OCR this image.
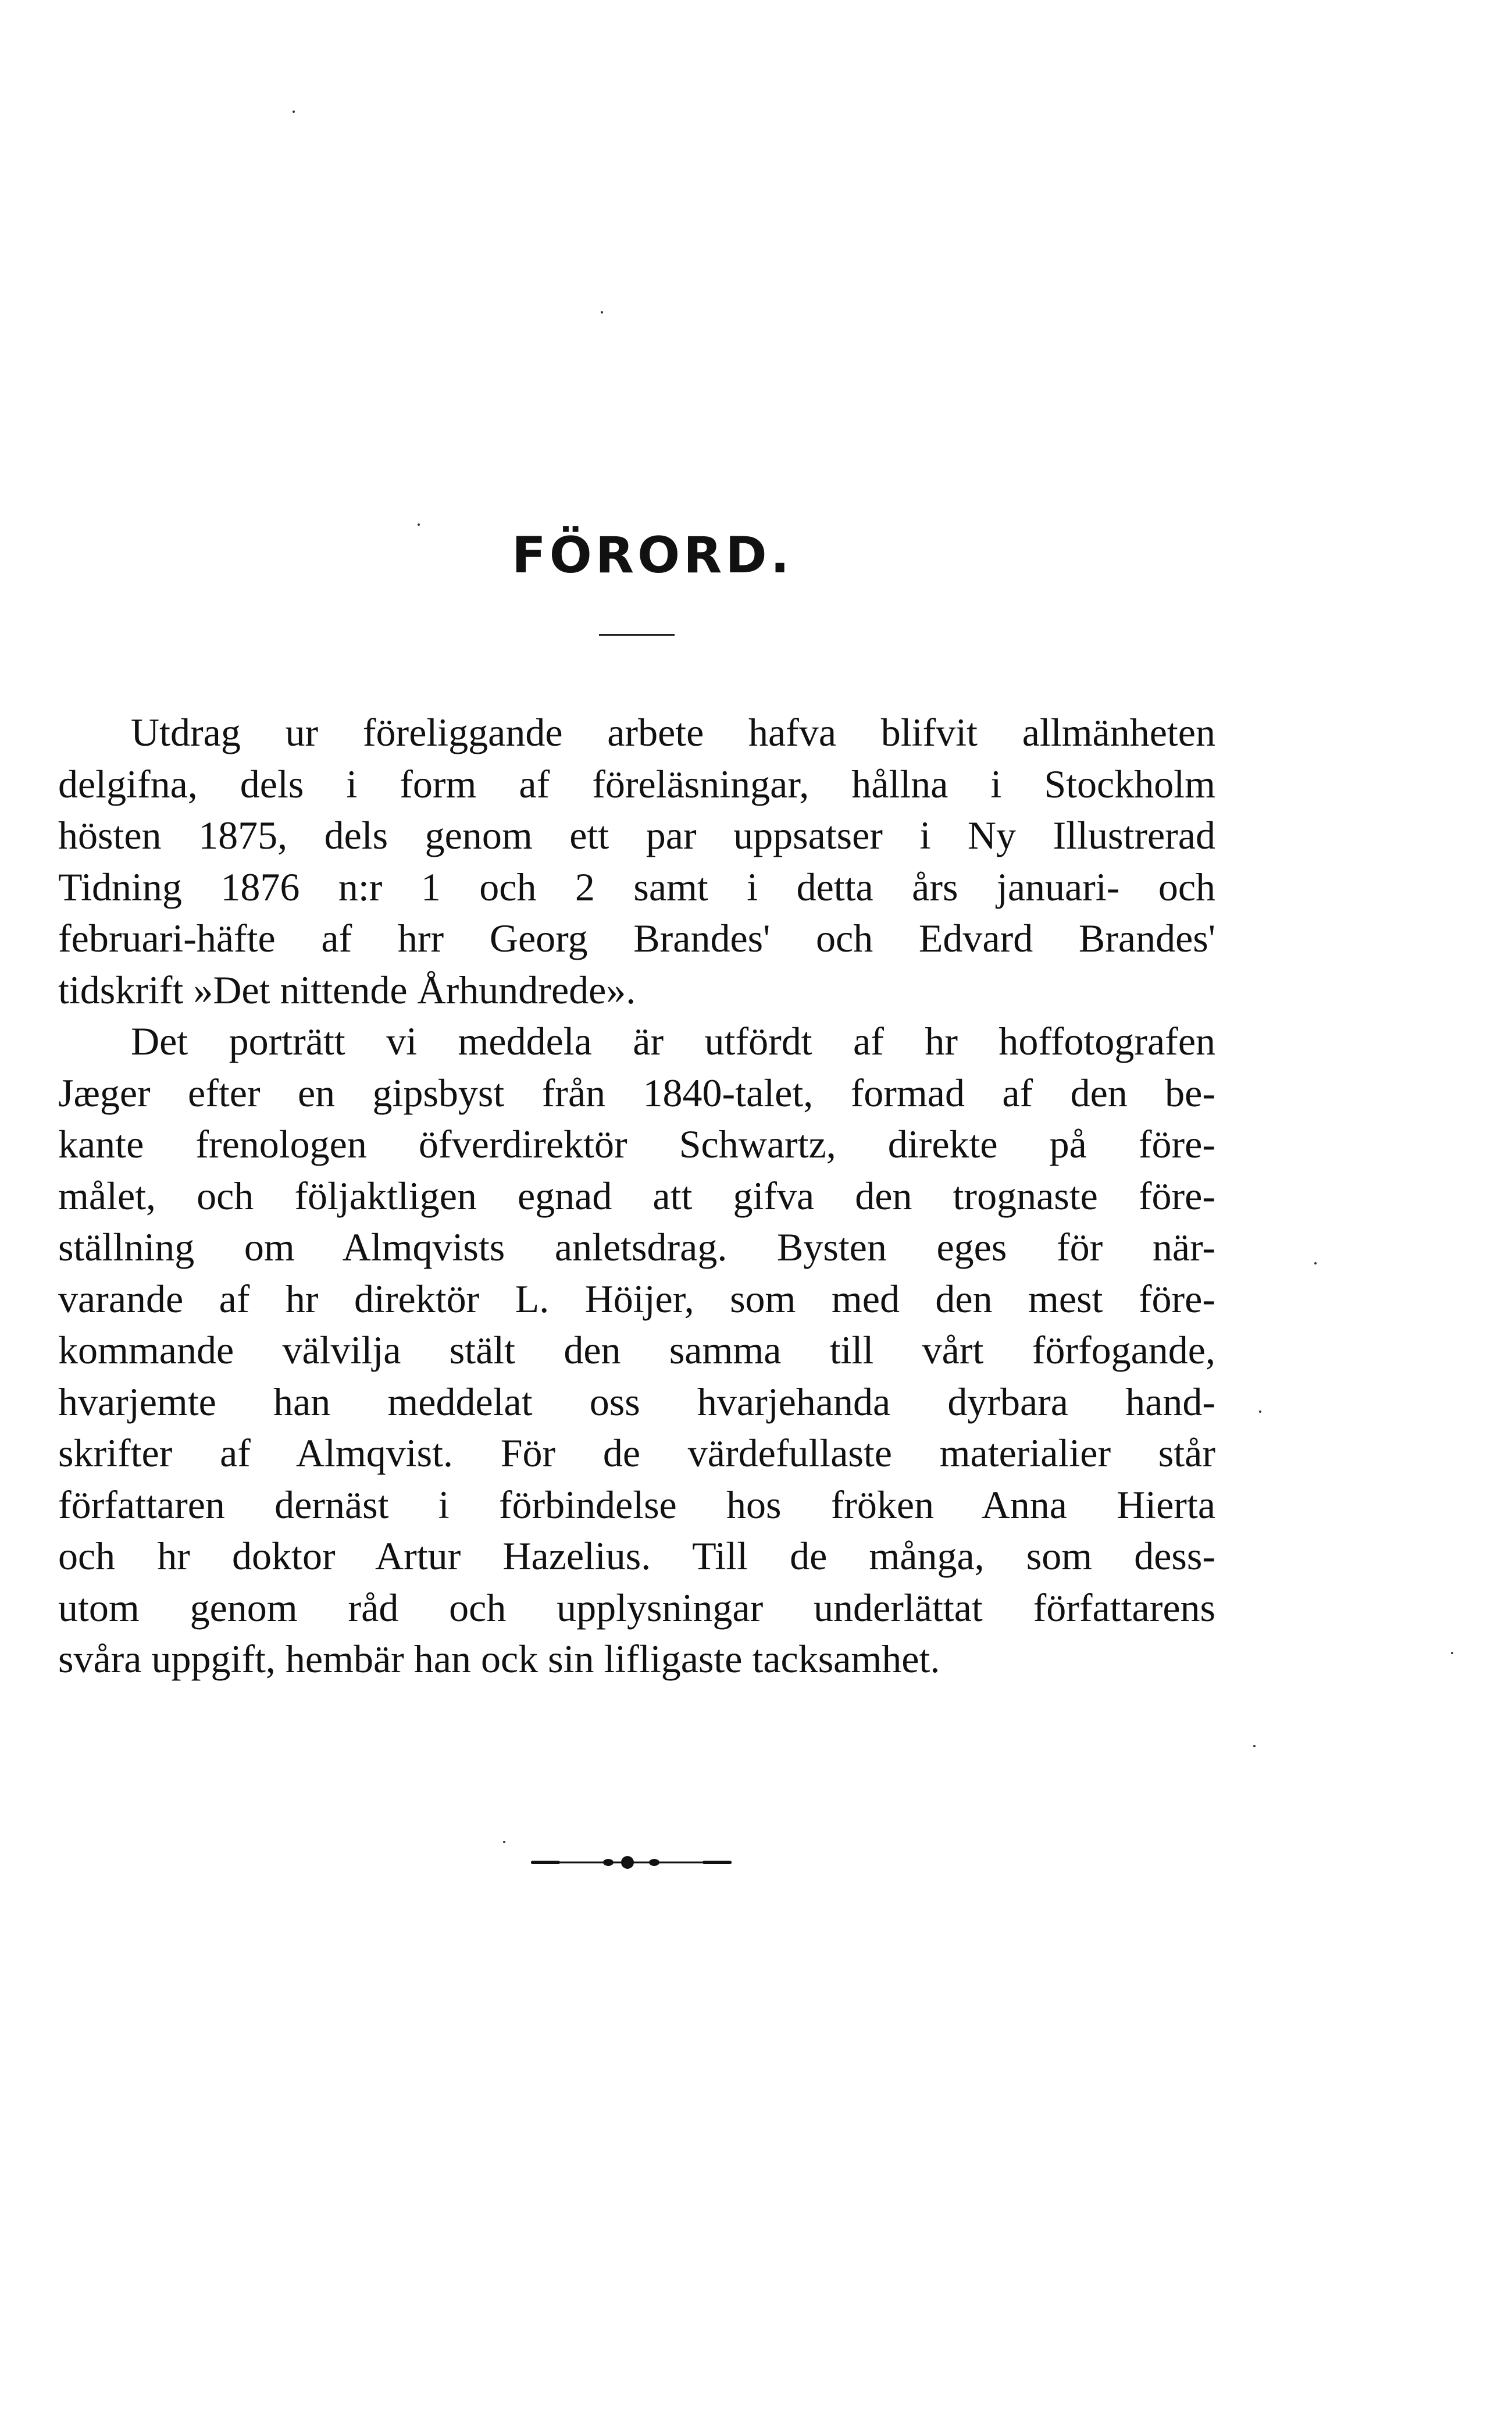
FÖRORD.
Utdrag ur föreliggande arbete hafva blifvit allmänheten
delgifna, dels i form af föreläsningar, hållna i Stockholm
hösten 1875, dels genom ett par uppsatser i Ny Illustrerad
Tidning 1876 n:r 1 och 2 samt i detta års januari- och
februari-häfte af hrr Georg Brandes' och Edvard Brandes'
tidskrift »Det nittende Århundrede».
Det porträtt vi meddela är utfördt af hr hoffotografen
Jæger efter en gipsbyst från 1840-talet, formad af den be-
kante frenologen öfverdirektör Schwartz, direkte på före-
målet, och följaktligen egnad att gifva den trognaste före-
ställning om Almqvists anletsdrag. Bysten eges för när-
varande af hr direktör L. Höijer, som med den mest före-
kommande välvilja stält den samma till vårt förfogande,
hvarjemte han meddelat oss hvarjehanda dyrbara hand-
skrifter af Almqvist. För de värdefullaste materialier står
författaren dernäst i förbindelse hos fröken Anna Hierta
och hr doktor Artur Hazelius. Till de många, som dess-
utom genom råd och upplysningar underlättat författarens
svåra uppgift, hembär han ock sin lifligaste tacksamhet.
